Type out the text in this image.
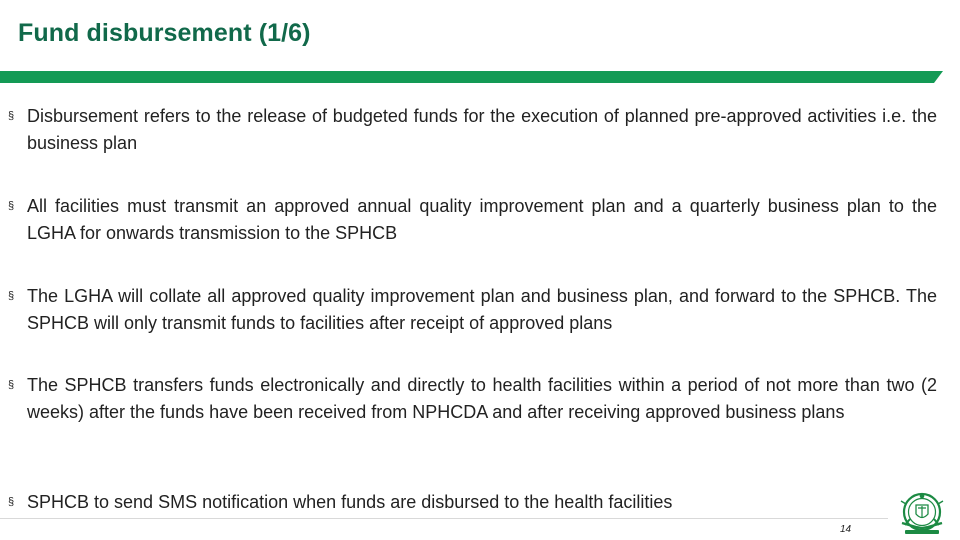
Fund disbursement (1/6)
§ Disbursement refers to the release of budgeted funds for the execution of planned pre-approved activities i.e. the business plan
§ All facilities must transmit an approved annual quality improvement plan and a quarterly business plan to the LGHA for onwards transmission to the SPHCB
§ The LGHA will collate all approved quality improvement plan and business plan, and forward to the SPHCB. The SPHCB will only transmit funds to facilities after receipt of approved plans
§ The SPHCB transfers funds electronically and directly to health facilities within a period of not more than two (2 weeks) after the funds have been received from NPHCDA and after receiving approved business plans
§ SPHCB to send SMS notification when funds are disbursed to the health facilities
14
